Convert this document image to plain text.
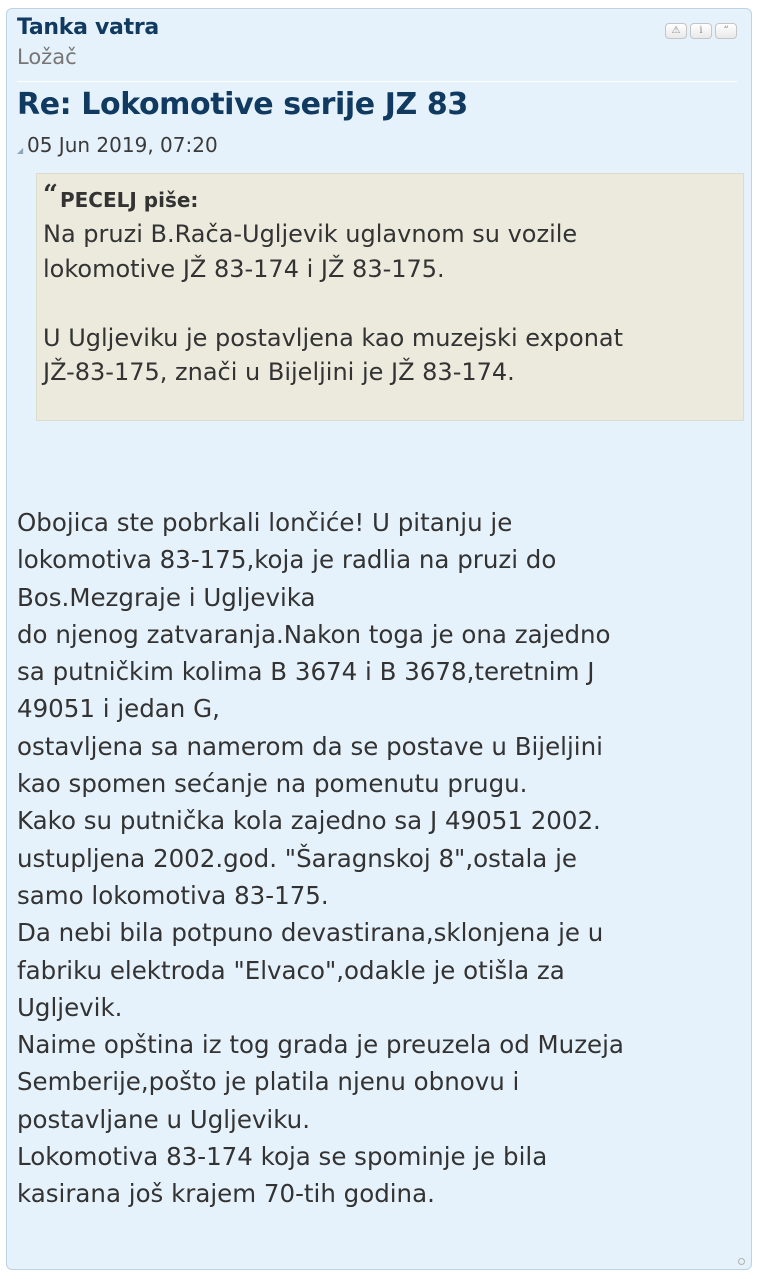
Tanka vatra
Ložač
⚠	i	“
Re: Lokomotive serije JZ 83
◢ 05 Jun 2019, 07:20
“ PECELJ piše:
Na pruzi B.Rača-Ugljevik uglavnom su vozile
lokomotive JŽ 83-174 i JŽ 83-175.

U Ugljeviku je postavljena kao muzejski exponat
JŽ-83-175, znači u Bijeljini je JŽ 83-174.
Obojica ste pobrkali lončiće! U pitanju je
lokomotiva 83-175,koja je radlia na pruzi do
Bos.Mezgraje i Ugljevika
do njenog zatvaranja.Nakon toga je ona zajedno
sa putničkim kolima B 3674 i B 3678,teretnim J
49051 i jedan G,
ostavljena sa namerom da se postave u Bijeljini
kao spomen sećanje na pomenutu prugu.
Kako su putnička kola zajedno sa J 49051 2002.
ustupljena 2002.god. "Šaragnskoj 8",ostala je
samo lokomotiva 83-175.
Da nebi bila potpuno devastirana,sklonjena je u
fabriku elektroda "Elvaco",odakle je otišla za
Ugljevik.
Naime opština iz tog grada je preuzela od Muzeja
Semberije,pošto je platila njenu obnovu i
postavljane u Ugljeviku.
Lokomotiva 83-174 koja se spominje je bila
kasirana još krajem 70-tih godina.
